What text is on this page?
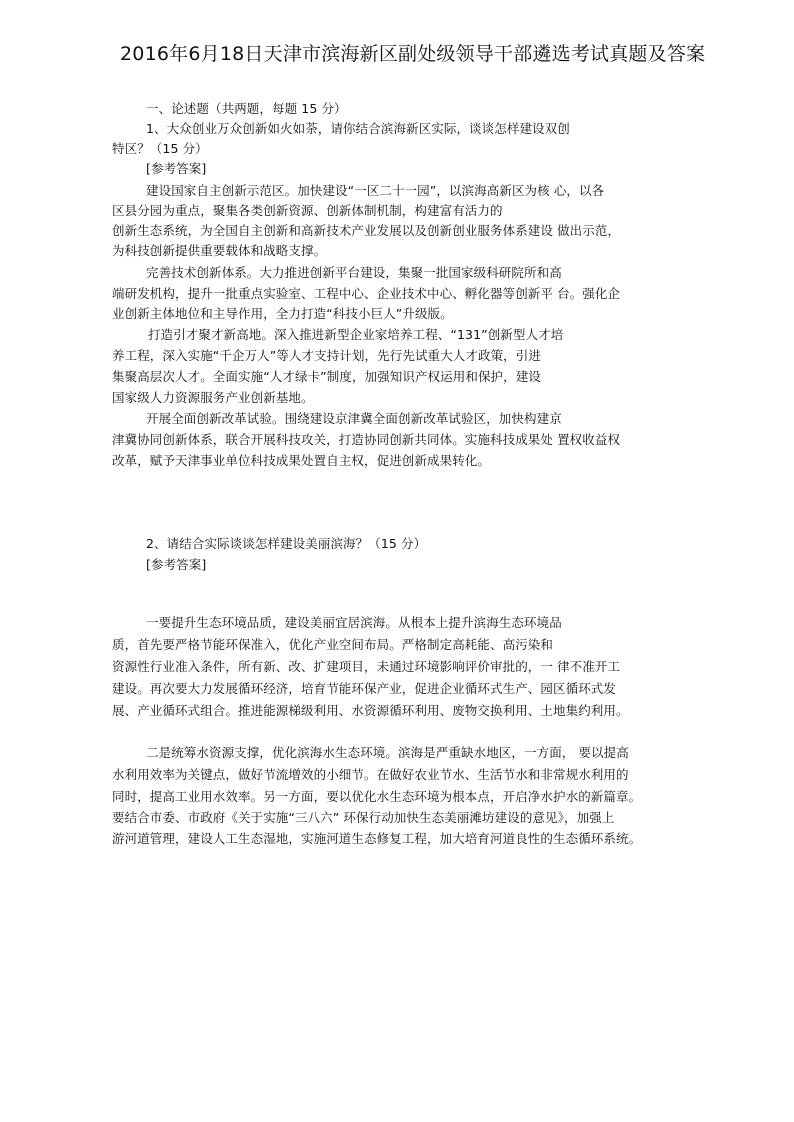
2016年6月18日天津市滨海新区副处级领导干部遴选考试真题及答案

一、论述题（共两题，每题 15 分）

1、大众创业万众创新如火如荼，请你结合滨海新区实际，谈谈怎样建设双创

特区？（15 分）

[参考答案]

建设国家自主创新示范区。加快建设“一区二十一园”，以滨海高新区为核 心，以各

区县分园为重点，聚集各类创新资源、创新体制机制，构建富有活力的

创新生态系统，为全国自主创新和高新技术产业发展以及创新创业服务体系建设 做出示范，

为科技创新提供重要载体和战略支撑。

完善技术创新体系。大力推进创新平台建设，集聚一批国家级科研院所和高

端研发机构，提升一批重点实验室、工程中心、企业技术中心、孵化器等创新平 台。强化企

业创新主体地位和主导作用，全力打造“科技小巨人”升级版。

打造引才聚才新高地。深入推进新型企业家培养工程、“131”创新型人才培

养工程，深入实施“千企万人”等人才支持计划，先行先试重大人才政策，引进

集聚高层次人才。全面实施“人才绿卡”制度，加强知识产权运用和保护，建设

国家级人力资源服务产业创新基地。

开展全面创新改革试验。围绕建设京津冀全面创新改革试验区，加快构建京

津冀协同创新体系，联合开展科技攻关，打造协同创新共同体。实施科技成果处 置权收益权

改革，赋予天津事业单位科技成果处置自主权，促进创新成果转化。

2、请结合实际谈谈怎样建设美丽滨海？（15 分）

[参考答案]

一要提升生态环境品质，建设美丽宜居滨海。从根本上提升滨海生态环境品

质，首先要严格节能环保准入，优化产业空间布局。严格制定高耗能、高污染和

资源性行业准入条件，所有新、改、扩建项目，未通过环境影响评价审批的，一 律不准开工

建设。再次要大力发展循环经济，培育节能环保产业，促进企业循环式生产、园区循环式发

展、产业循环式组合。推进能源梯级利用、水资源循环利用、废物交换利用、土地集约利用。

二是统筹水资源支撑，优化滨海水生态环境。滨海是严重缺水地区，一方面， 要以提高

水利用效率为关键点，做好节流增效的小细节。在做好农业节水、生活节水和非常规水利用的

同时，提高工业用水效率。另一方面，要以优化水生态环境为根本点，开启净水护水的新篇章。

要结合市委、市政府《关于实施“三八六” 环保行动加快生态美丽滩坊建设的意见》，加强上

游河道管理，建设人工生态湿地，实施河道生态修复工程，加大培育河道良性的生态循环系统。
